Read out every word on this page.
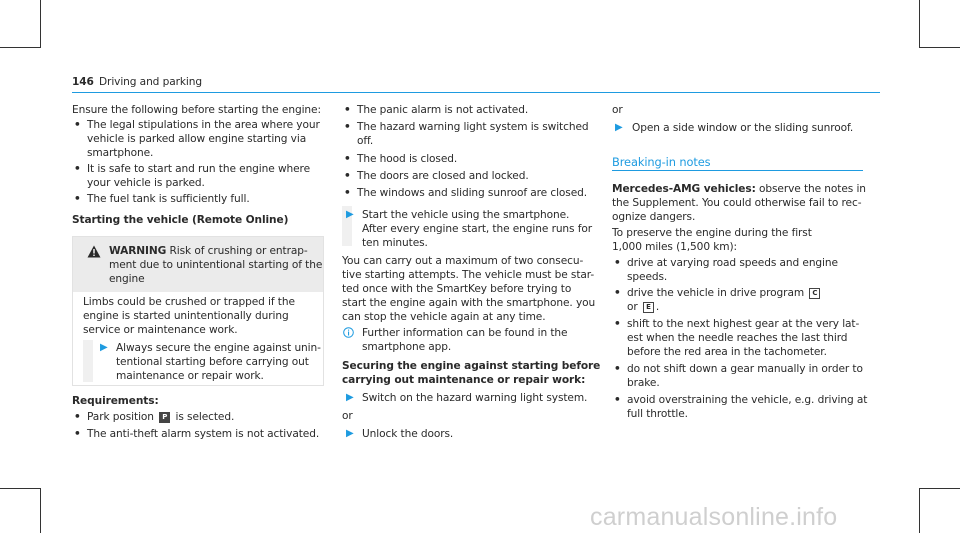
146 Driving and parking
Ensure the following before starting the engine:
• The legal stipulations in the area where your
vehicle is parked allow engine starting via
smartphone.
• It is safe to start and run the engine where
your vehicle is parked.
• The fuel tank is sufficiently full.
Starting the vehicle (Remote Online)
WARNING Risk of crushing or entrap-
ment due to unintentional starting of the
engine
Limbs could be crushed or trapped if the
engine is started unintentionally during
service or maintenance work.
▶ Always secure the engine against unin-
tentional starting before carrying out
maintenance or repair work.
Requirements:
• Park position P is selected.
• The anti-theft alarm system is not activated.
• The panic alarm is not activated.
• The hazard warning light system is switched
off.
• The hood is closed.
• The doors are closed and locked.
• The windows and sliding sunroof are closed.
▶ Start the vehicle using the smartphone.
After every engine start, the engine runs for
ten minutes.
You can carry out a maximum of two consecu-
tive starting attempts. The vehicle must be star-
ted once with the SmartKey before trying to
start the engine again with the smartphone. you
can stop the vehicle again at any time.
Further information can be found in the
smartphone app.
Securing the engine against starting before
carrying out maintenance or repair work:
▶ Switch on the hazard warning light system.
or
▶ Unlock the doors.
or
▶ Open a side window or the sliding sunroof.
Breaking-in notes
Mercedes-AMG vehicles: observe the notes in
the Supplement. You could otherwise fail to rec-
ognize dangers.
To preserve the engine during the first
1,000 miles (1,500 km):
• drive at varying road speeds and engine
speeds.
• drive the vehicle in drive program C
or E .
• shift to the next highest gear at the very lat-
est when the needle reaches the last third
before the red area in the tachometer.
• do not shift down a gear manually in order to
brake.
• avoid overstraining the vehicle, e.g. driving at
full throttle.
carmanualsonline.info
